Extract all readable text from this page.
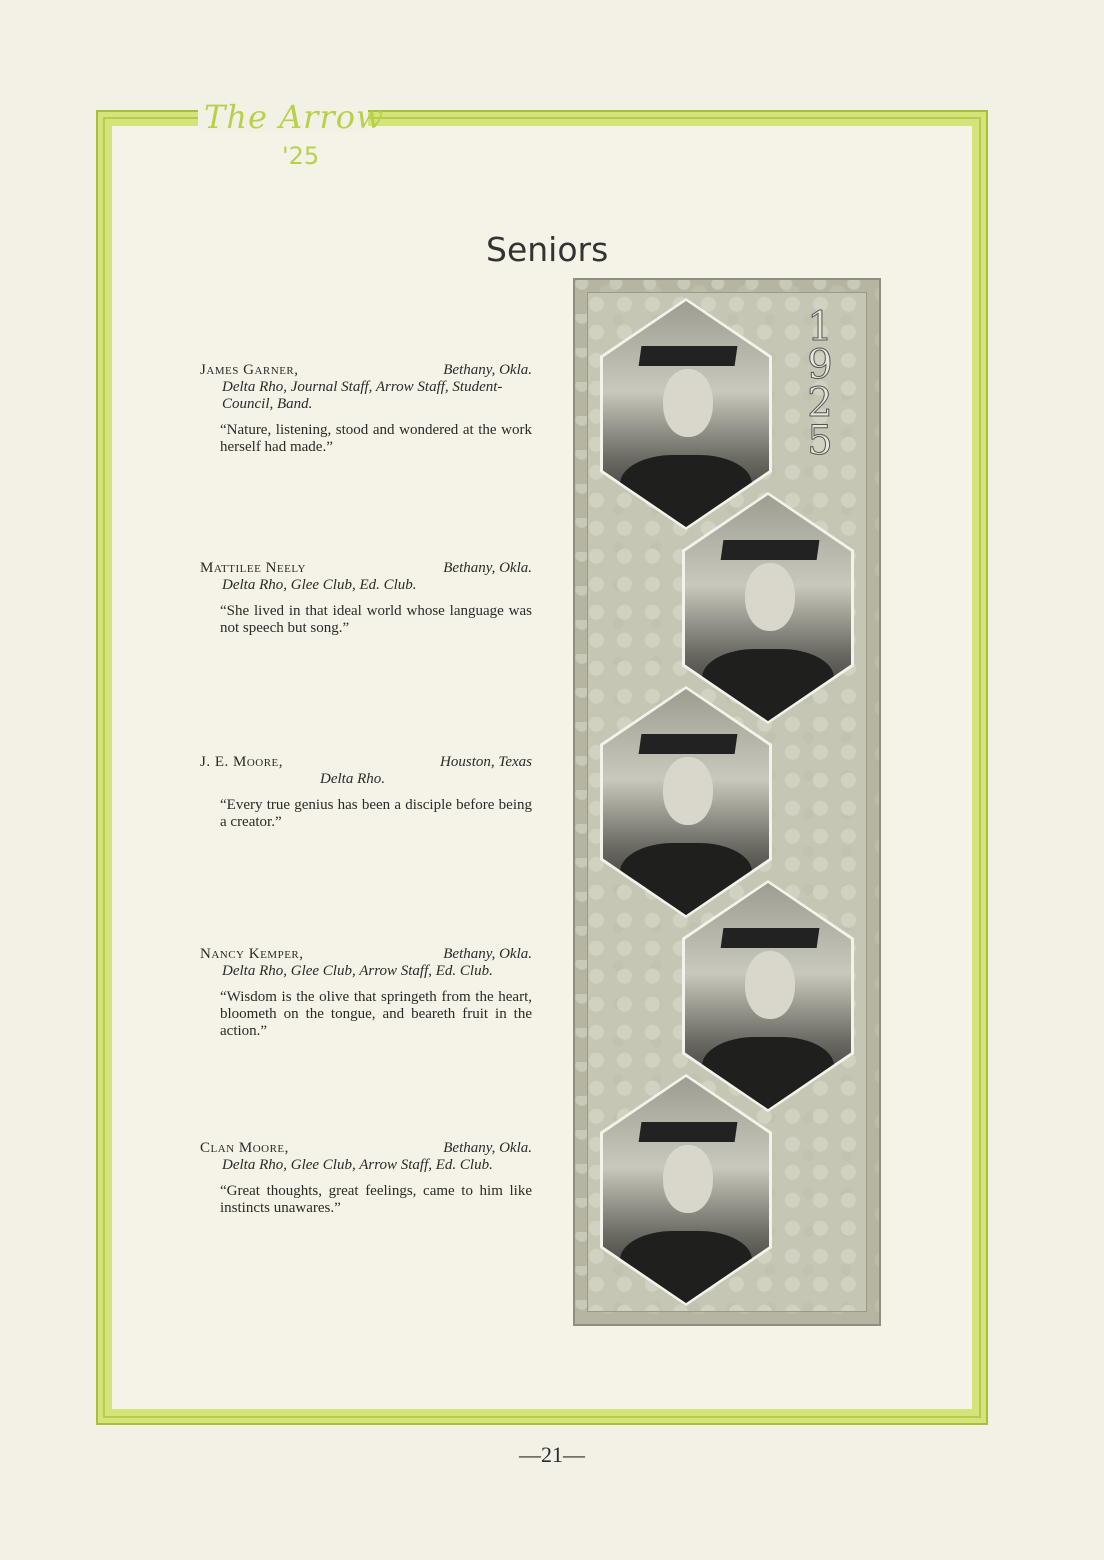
The Arrow
'25
Seniors
James Garner,	Bethany, Okla.
Delta Rho, Journal Staff, Arrow Staff, Student-Council, Band.
“Nature, listening, stood and wondered at the work herself had made.”
Mattilee Neely	Bethany, Okla.
Delta Rho, Glee Club, Ed. Club.
“She lived in that ideal world whose language was not speech but song.”
J. E. Moore,	Houston, Texas
Delta Rho.
“Every true genius has been a disciple before being a creator.”
Nancy Kemper,	Bethany, Okla.
Delta Rho, Glee Club, Arrow Staff, Ed. Club.
“Wisdom is the olive that springeth from the heart, bloometh on the tongue, and beareth fruit in the action.”
Clan Moore,	Bethany, Okla.
Delta Rho, Glee Club, Arrow Staff, Ed. Club.
“Great thoughts, great feelings, came to him like instincts unawares.”
1
9
2
5
—21—
